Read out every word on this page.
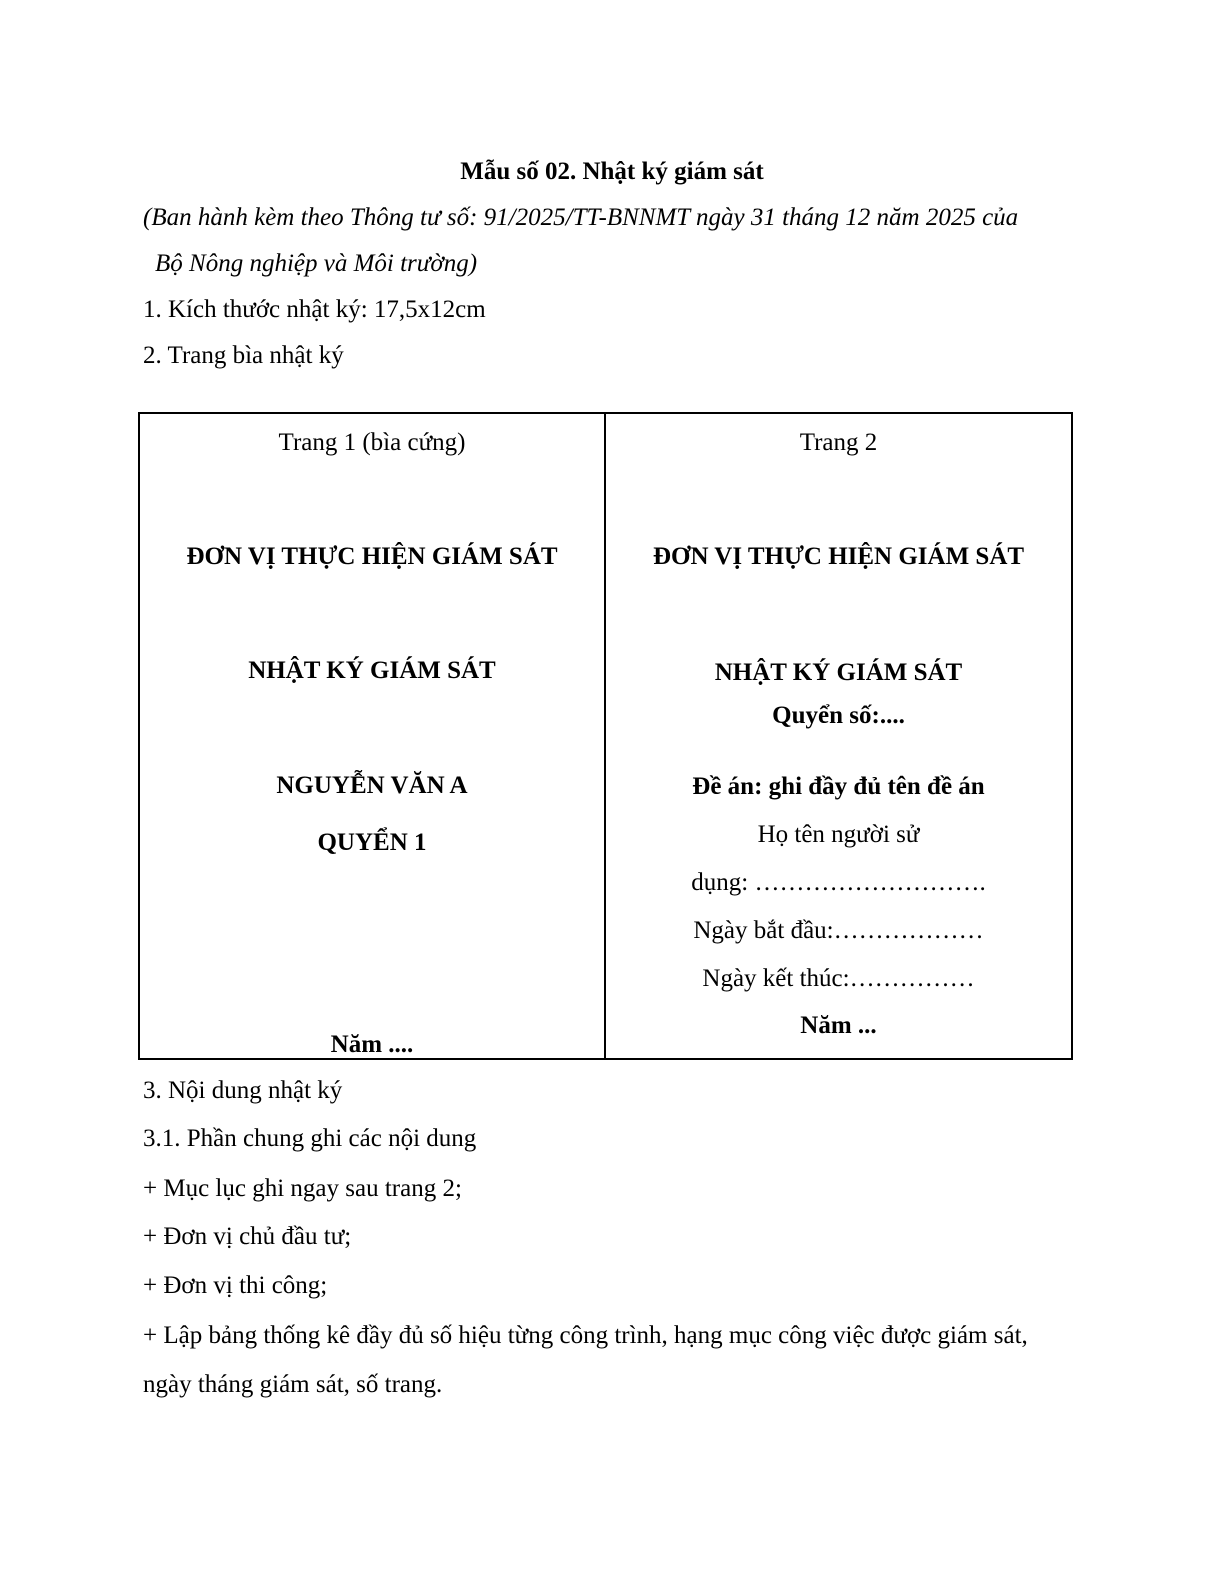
Mẫu số 02. Nhật ký giám sát
(Ban hành kèm theo Thông tư số: 91/2025/TT-BNNMT ngày 31 tháng 12 năm 2025 của
Bộ Nông nghiệp và Môi trường)
1. Kích thước nhật ký: 17,5x12cm
2. Trang bìa nhật ký
Trang 1 (bìa cứng)
ĐƠN VỊ THỰC HIỆN GIÁM SÁT
NHẬT KÝ GIÁM SÁT
NGUYỄN VĂN A
QUYỂN 1
Năm ....
Trang 2
ĐƠN VỊ THỰC HIỆN GIÁM SÁT
NHẬT KÝ GIÁM SÁT
Quyển số:....
Đề án: ghi đầy đủ tên đề án
Họ tên người sử
dụng: ……………………….
Ngày bắt đầu:………………
Ngày kết thúc:……………
Năm ...
3. Nội dung nhật ký
3.1. Phần chung ghi các nội dung
+ Mục lục ghi ngay sau trang 2;
+ Đơn vị chủ đầu tư;
+ Đơn vị thi công;
+ Lập bảng thống kê đầy đủ số hiệu từng công trình, hạng mục công việc được giám sát,
ngày tháng giám sát, số trang.
